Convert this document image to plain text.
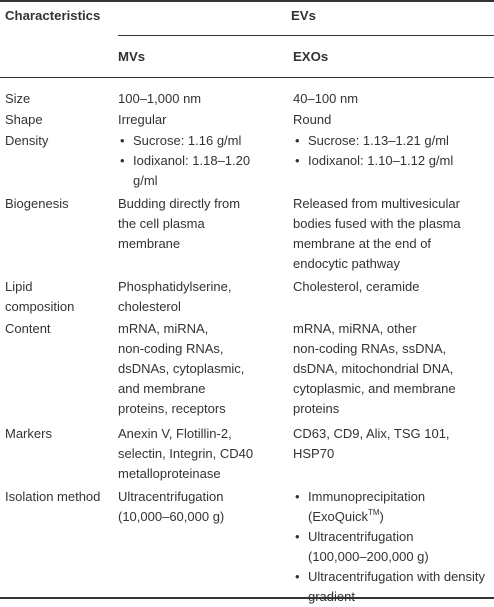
Characteristics	EVs
MVs	EXOs
Size	100–1,000 nm	40–100 nm
Shape	Irregular	Round
Density
•	Sucrose: 1.16 g/ml
• Iodixanol: 1.18–1.20
g/ml
• Sucrose: 1.13–1.21 g/ml
• Iodixanol: 1.10–1.12 g/ml
Biogenesis	Budding directly from
the cell plasma
membrane
Released from multivesicular
bodies fused with the plasma
membrane at the end of
endocytic pathway
Lipid
composition
Phosphatidylserine,
cholesterol
Cholesterol, ceramide
Content	mRNA, miRNA,
non-coding RNAs,
dsDNAs, cytoplasmic,
and membrane
proteins, receptors
mRNA, miRNA, other
non-coding RNAs, ssDNA,
dsDNA, mitochondrial DNA,
cytoplasmic, and membrane
proteins
Markers	Anexin V, Flotillin-2,
selectin, Integrin, CD40
metalloproteinase
CD63, CD9, Alix, TSG 101,
HSP70
Isolation method Ultracentrifugation
(10,000–60,000 g)
• Immunoprecipitation
(ExoQuick™)
• Ultracentrifugation
(100,000–200,000 g)
• Ultracentrifugation with density
gradient
